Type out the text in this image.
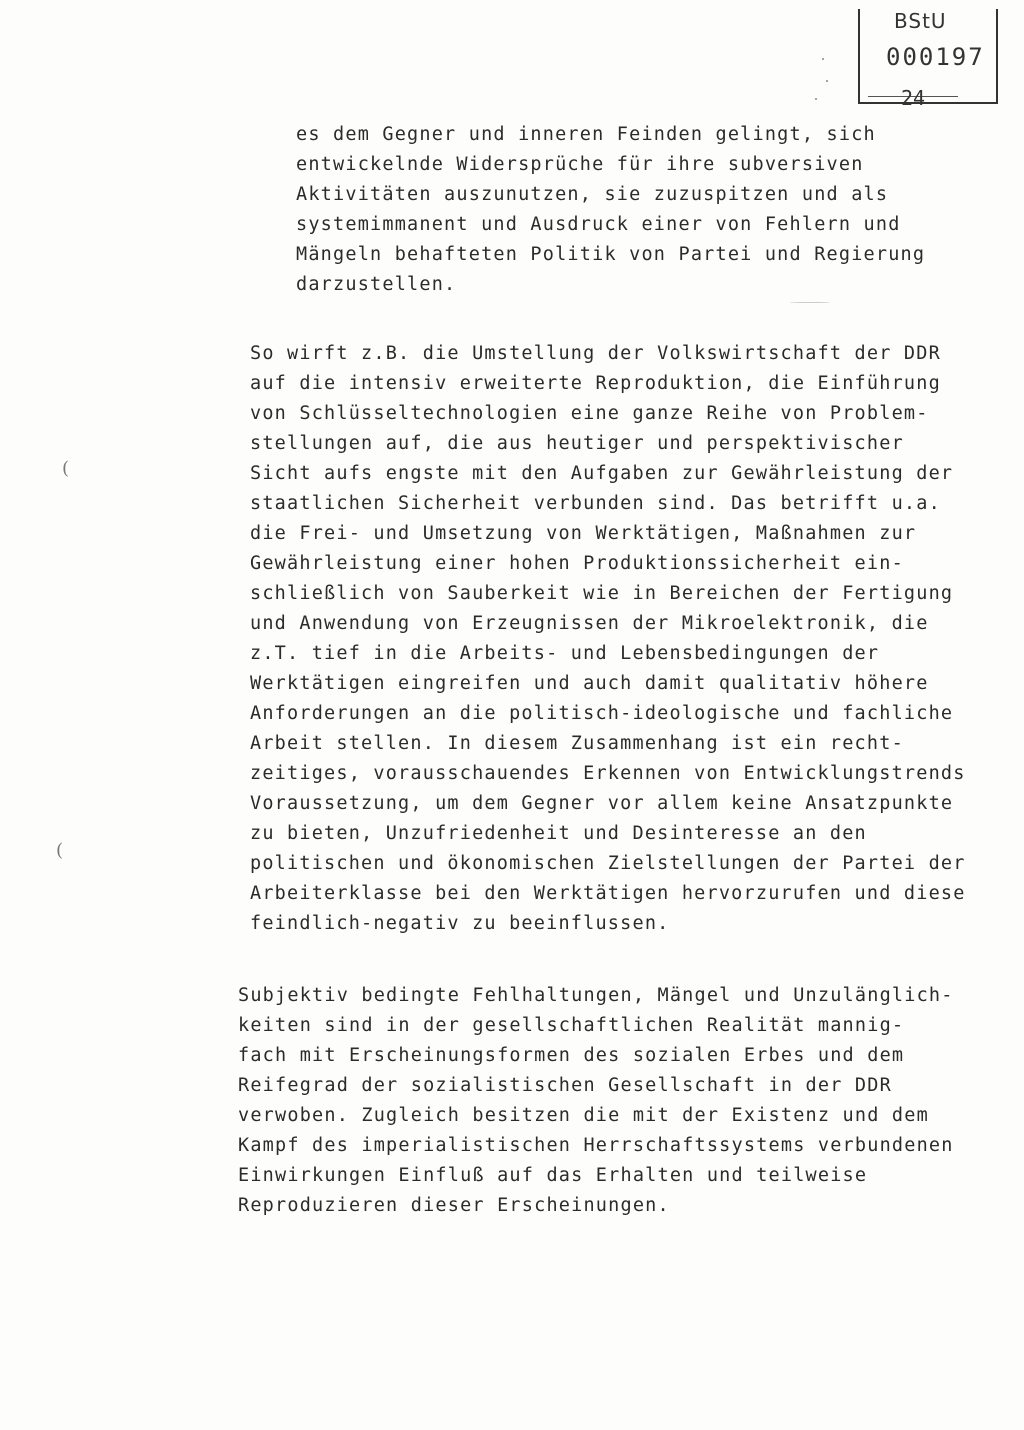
BStU
000197
24
(
(
es dem Gegner und inneren Feinden gelingt, sich
entwickelnde Widersprüche für ihre subversiven
Aktivitäten auszunutzen, sie zuzuspitzen und als
systemimmanent und Ausdruck einer von Fehlern und
Mängeln behafteten Politik von Partei und Regierung
darzustellen.
So wirft z.B. die Umstellung der Volkswirtschaft der DDR
auf die intensiv erweiterte Reproduktion, die Einführung
von Schlüsseltechnologien eine ganze Reihe von Problem-
stellungen auf, die aus heutiger und perspektivischer
Sicht aufs engste mit den Aufgaben zur Gewährleistung der
staatlichen Sicherheit verbunden sind. Das betrifft u.a.
die Frei- und Umsetzung von Werktätigen, Maßnahmen zur
Gewährleistung einer hohen Produktionssicherheit ein-
schließlich von Sauberkeit wie in Bereichen der Fertigung
und Anwendung von Erzeugnissen der Mikroelektronik, die
z.T. tief in die Arbeits- und Lebensbedingungen der
Werktätigen eingreifen und auch damit qualitativ höhere
Anforderungen an die politisch-ideologische und fachliche
Arbeit stellen. In diesem Zusammenhang ist ein recht-
zeitiges, vorausschauendes Erkennen von Entwicklungstrends
Voraussetzung, um dem Gegner vor allem keine Ansatzpunkte
zu bieten, Unzufriedenheit und Desinteresse an den
politischen und ökonomischen Zielstellungen der Partei der
Arbeiterklasse bei den Werktätigen hervorzurufen und diese
feindlich-negativ zu beeinflussen.
Subjektiv bedingte Fehlhaltungen, Mängel und Unzulänglich-
keiten sind in der gesellschaftlichen Realität mannig-
fach mit Erscheinungsformen des sozialen Erbes und dem
Reifegrad der sozialistischen Gesellschaft in der DDR
verwoben. Zugleich besitzen die mit der Existenz und dem
Kampf des imperialistischen Herrschaftssystems verbundenen
Einwirkungen Einfluß auf das Erhalten und teilweise
Reproduzieren dieser Erscheinungen.
